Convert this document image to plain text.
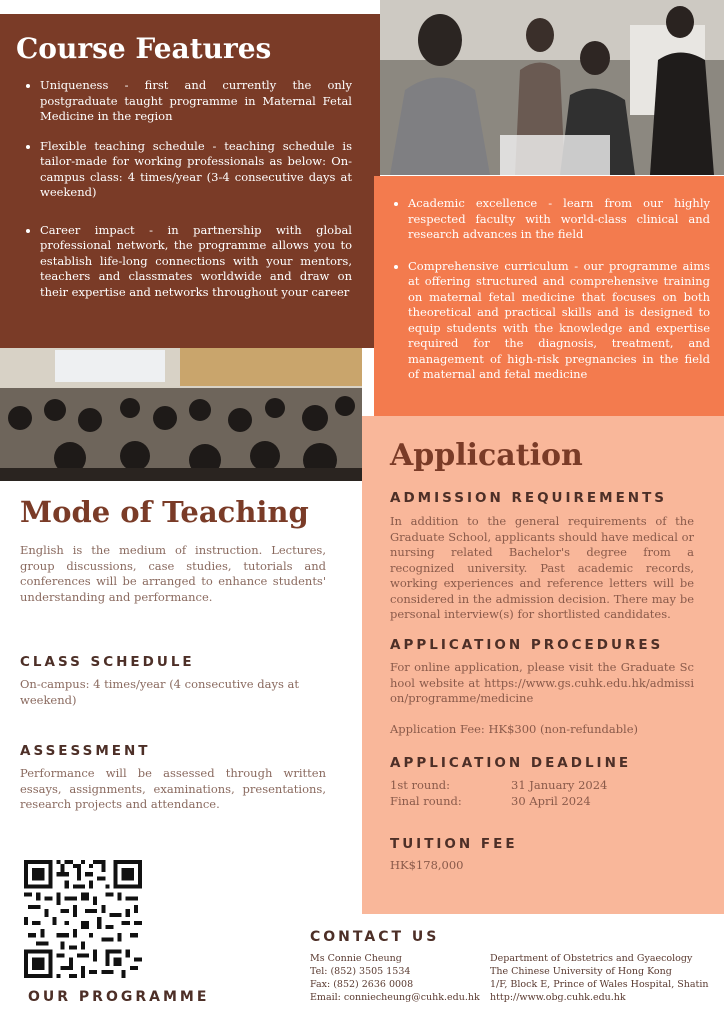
Course Features
• Uniqueness - first and currently the only postgraduate taught programme in Maternal Fetal Medicine in the region
• Flexible teaching schedule - teaching schedule is tailor-made for working professionals as below: On-campus class: 4 times/year (3-4 consecutive days at weekend)
• Career impact - in partnership with global professional network, the programme allows you to establish life-long connections with your mentors, teachers and classmates worldwide and draw on their expertise and networks throughout your career
• Academic excellence - learn from our highly respected faculty with world-class clinical and research advances in the field
• Comprehensive curriculum - our programme aims at offering structured and comprehensive training on maternal fetal medicine that focuses on both theoretical and practical skills and is designed to equip students with the knowledge and expertise required for the diagnosis, treatment, and management of high-risk pregnancies in the field of maternal and fetal medicine
Application
ADMISSION REQUIREMENTS

In addition to the general requirements of the Graduate School, applicants should have medical or nursing related Bachelor's degree from a recognized university. Past academic records, working experiences and reference letters will be considered in the admission decision. There may be personal interview(s) for shortlisted candidates.

APPLICATION PROCEDURES

For online application, please visit the Graduate School website at https://www.gs.cuhk.edu.hk/admission/programme/medicine

Application Fee: HK$300 (non-refundable)

APPLICATION DEADLINE
1st round:	31 January 2024
Final round:	30 April 2024
TUITION FEE
HK$178,000
Mode of Teaching

English is the medium of instruction. Lectures, group discussions, case studies, tutorials and conferences will be arranged to enhance students' understanding and performance.

CLASS SCHEDULE

On-campus: 4 times/year (4 consecutive days at weekend)

ASSESSMENT

Performance will be assessed through written essays, assignments, examinations, presentations, research projects and attendance.

OUR PROGRAMME
CONTACT US
Ms Connie Cheung
Tel: (852) 3505 1534
Fax: (852) 2636 0008
Email: conniecheung@cuhk.edu.hk
Department of Obstetrics and Gyaecology
The Chinese University of Hong Kong
1/F, Block E, Prince of Wales Hospital, Shatin
http://www.obg.cuhk.edu.hk
